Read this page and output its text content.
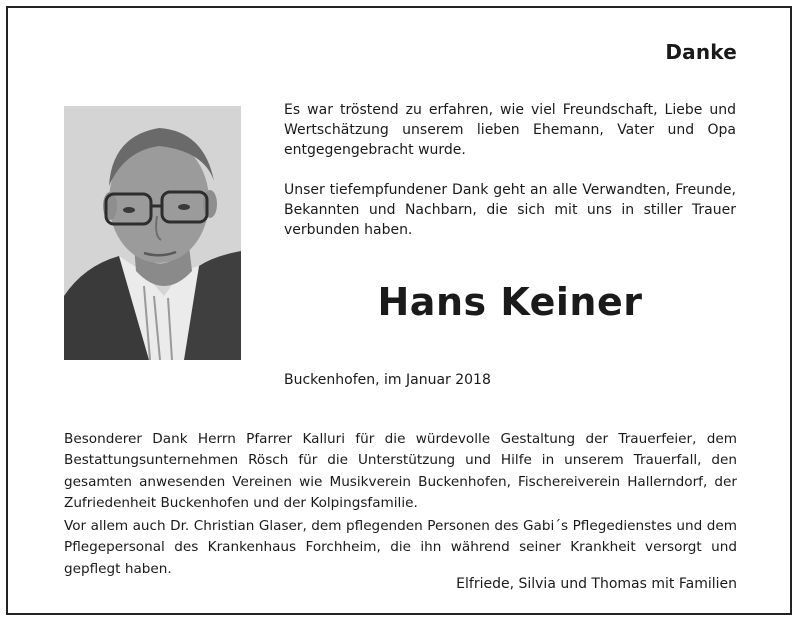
Danke

Es war tröstend zu erfahren, wie viel Freundschaft, Liebe und Wertschätzung unserem lieben Ehemann, Vater und Opa entgegengebracht wurde.

Unser tiefempfundener Dank geht an alle Verwandten, Freunde, Bekannten und Nachbarn, die sich mit uns in stiller Trauer verbunden haben.

Hans Keiner

Buckenhofen, im Januar 2018

Besonderer Dank Herrn Pfarrer Kalluri für die würdevolle Gestaltung der Trauerfeier, dem Bestattungsunternehmen Rösch für die Unterstützung und Hilfe in unserem Trauerfall, den gesamten anwesenden Vereinen wie Musikverein Buckenhofen, Fischereiverein Hallerndorf, der Zufriedenheit Buckenhofen und der Kolpingsfamilie.

Vor allem auch Dr. Christian Glaser, dem pflegenden Personen des Gabi´s Pflegedienstes und dem Pflegepersonal des Krankenhaus Forchheim, die ihn während seiner Krankheit versorgt und gepflegt haben.

Elfriede, Silvia und Thomas mit Familien
